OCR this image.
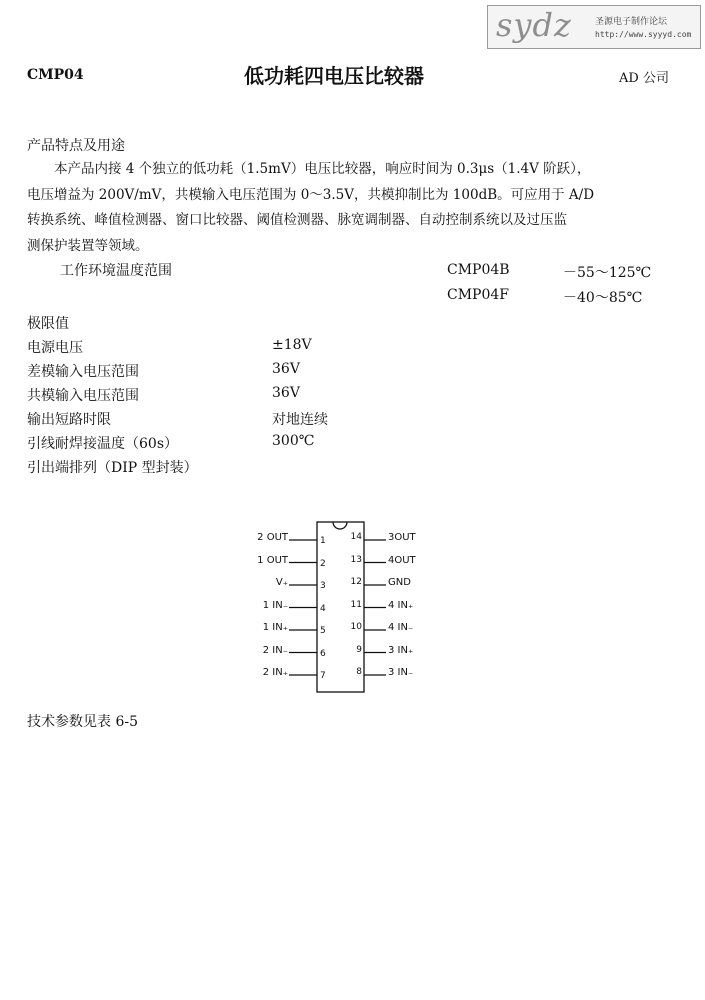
sydz	圣源电子制作论坛
http://www.syyyd.com
CMP04	低功耗四电压比较器	AD 公司
产品特点及用途

本产品内接 4 个独立的低功耗（1.5mV）电压比较器，响应时间为 0.3μs（1.4V 阶跃），

电压增益为 200V/mV，共模输入电压范围为 0～3.5V，共模抑制比为 100dB。可应用于 A/D

转换系统、峰值检测器、窗口比较器、阈值检测器、脉宽调制器、自动控制系统以及过压监

测保护装置等领域。

工作环境温度范围	CMP04B	－55～125℃
CMP04F	－40～85℃
极限值
电源电压	±18V
差模输入电压范围	36V
共模输入电压范围	36V
输出短路时限	对地连续
引线耐焊接温度（60s）	300℃
引出端排列（DIP 型封装）
2 OUT	1
1 OUT	2
V₊	3
1 IN₋	4
1 IN₊	5
2 IN₋	6
2 IN₊	7
14	3OUT
13	4OUT
12	GND
11	4 IN₊
10	4 IN₋
9	3 IN₊
8	3 IN₋
技术参数见表 6-5
